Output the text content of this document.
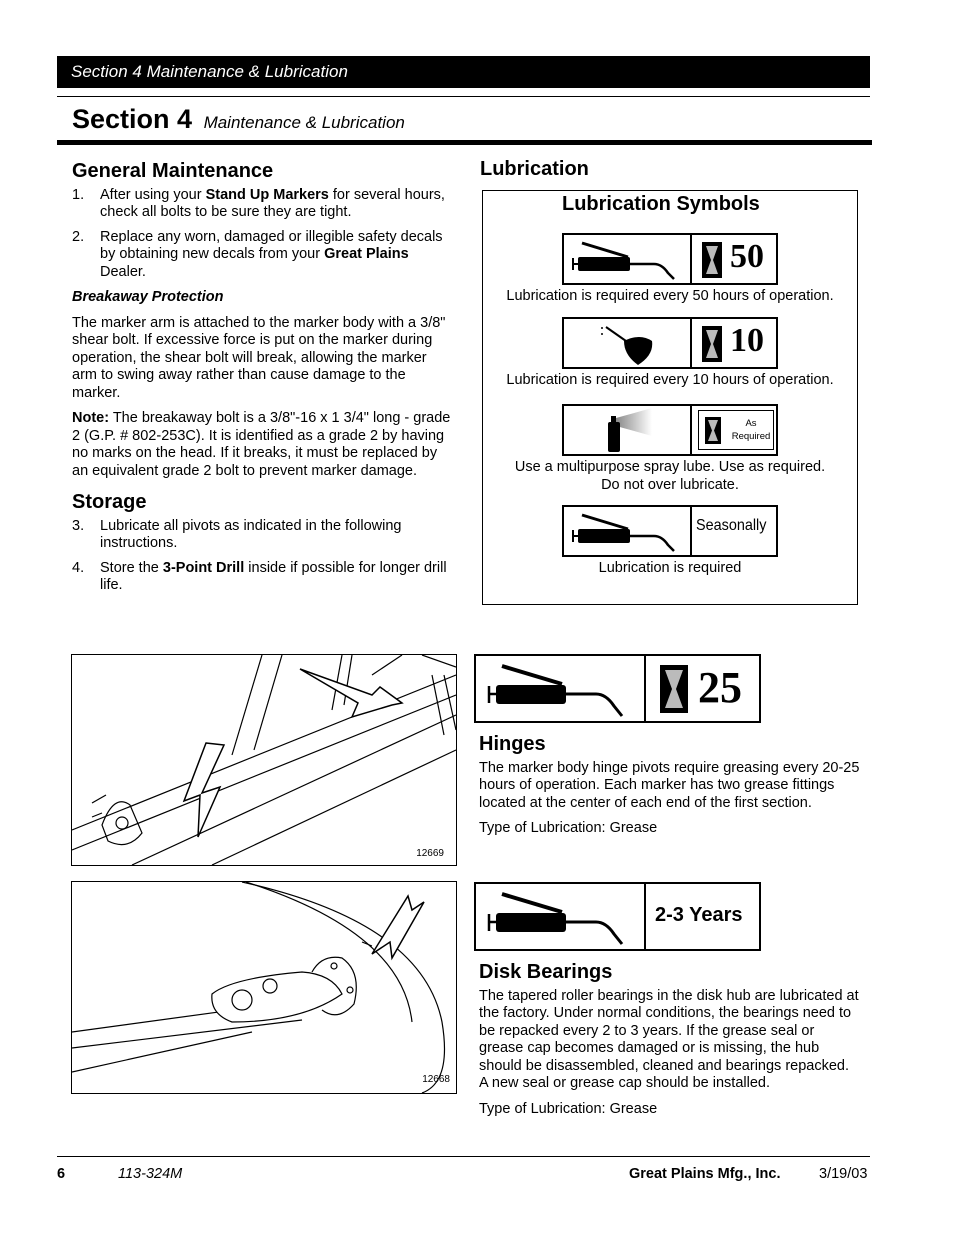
Section 4 Maintenance & Lubrication
Section 4 Maintenance & Lubrication
General Maintenance
1.	After using your Stand Up Markers for several hours, check all bolts to be sure they are tight.
2.	Replace any worn, damaged or illegible safety decals by obtaining new decals from your Great Plains Dealer.

Breakaway Protection

The marker arm is attached to the marker body with a 3/8" shear bolt. If excessive force is put on the marker during operation, the shear bolt will break, allowing the marker arm to swing away rather than cause damage to the marker.

Note: The breakaway bolt is a 3/8"-16 x 1 3/4" long - grade 2 (G.P. # 802-253C). It is identified as a grade 2 by having no marks on the head. If it breaks, it must be replaced by an equivalent grade 2 bolt to prevent marker damage.

Storage
3.	Lubricate all pivots as indicated in the following instructions.
4.	Store the 3-Point Drill inside if possible for longer drill life.
Lubrication
Lubrication Symbols
50
Lubrication is required every 50 hours of operation.
10
Lubrication is required every 10 hours of operation.
As
Required
Use a multipurpose spray lube. Use as required.
Do not over lubricate.
Seasonally
Lubrication is required
12669
25
Hinges

The marker body hinge pivots require greasing every 20-25 hours of operation. Each marker has two grease fittings located at the center of each end of the first section.

Type of Lubrication: Grease

12668
2-3 Years
Disk Bearings

The tapered roller bearings in the disk hub are lubricated at the factory. Under normal conditions, the bearings need to be repacked every 2 to 3 years. If the grease seal or grease cap becomes damaged or is missing, the hub should be disassembled, cleaned and bearings repacked. A new seal or grease cap should be installed.

Type of Lubrication: Grease

6	113-324M	Great Plains Mfg., Inc.	3/19/03
